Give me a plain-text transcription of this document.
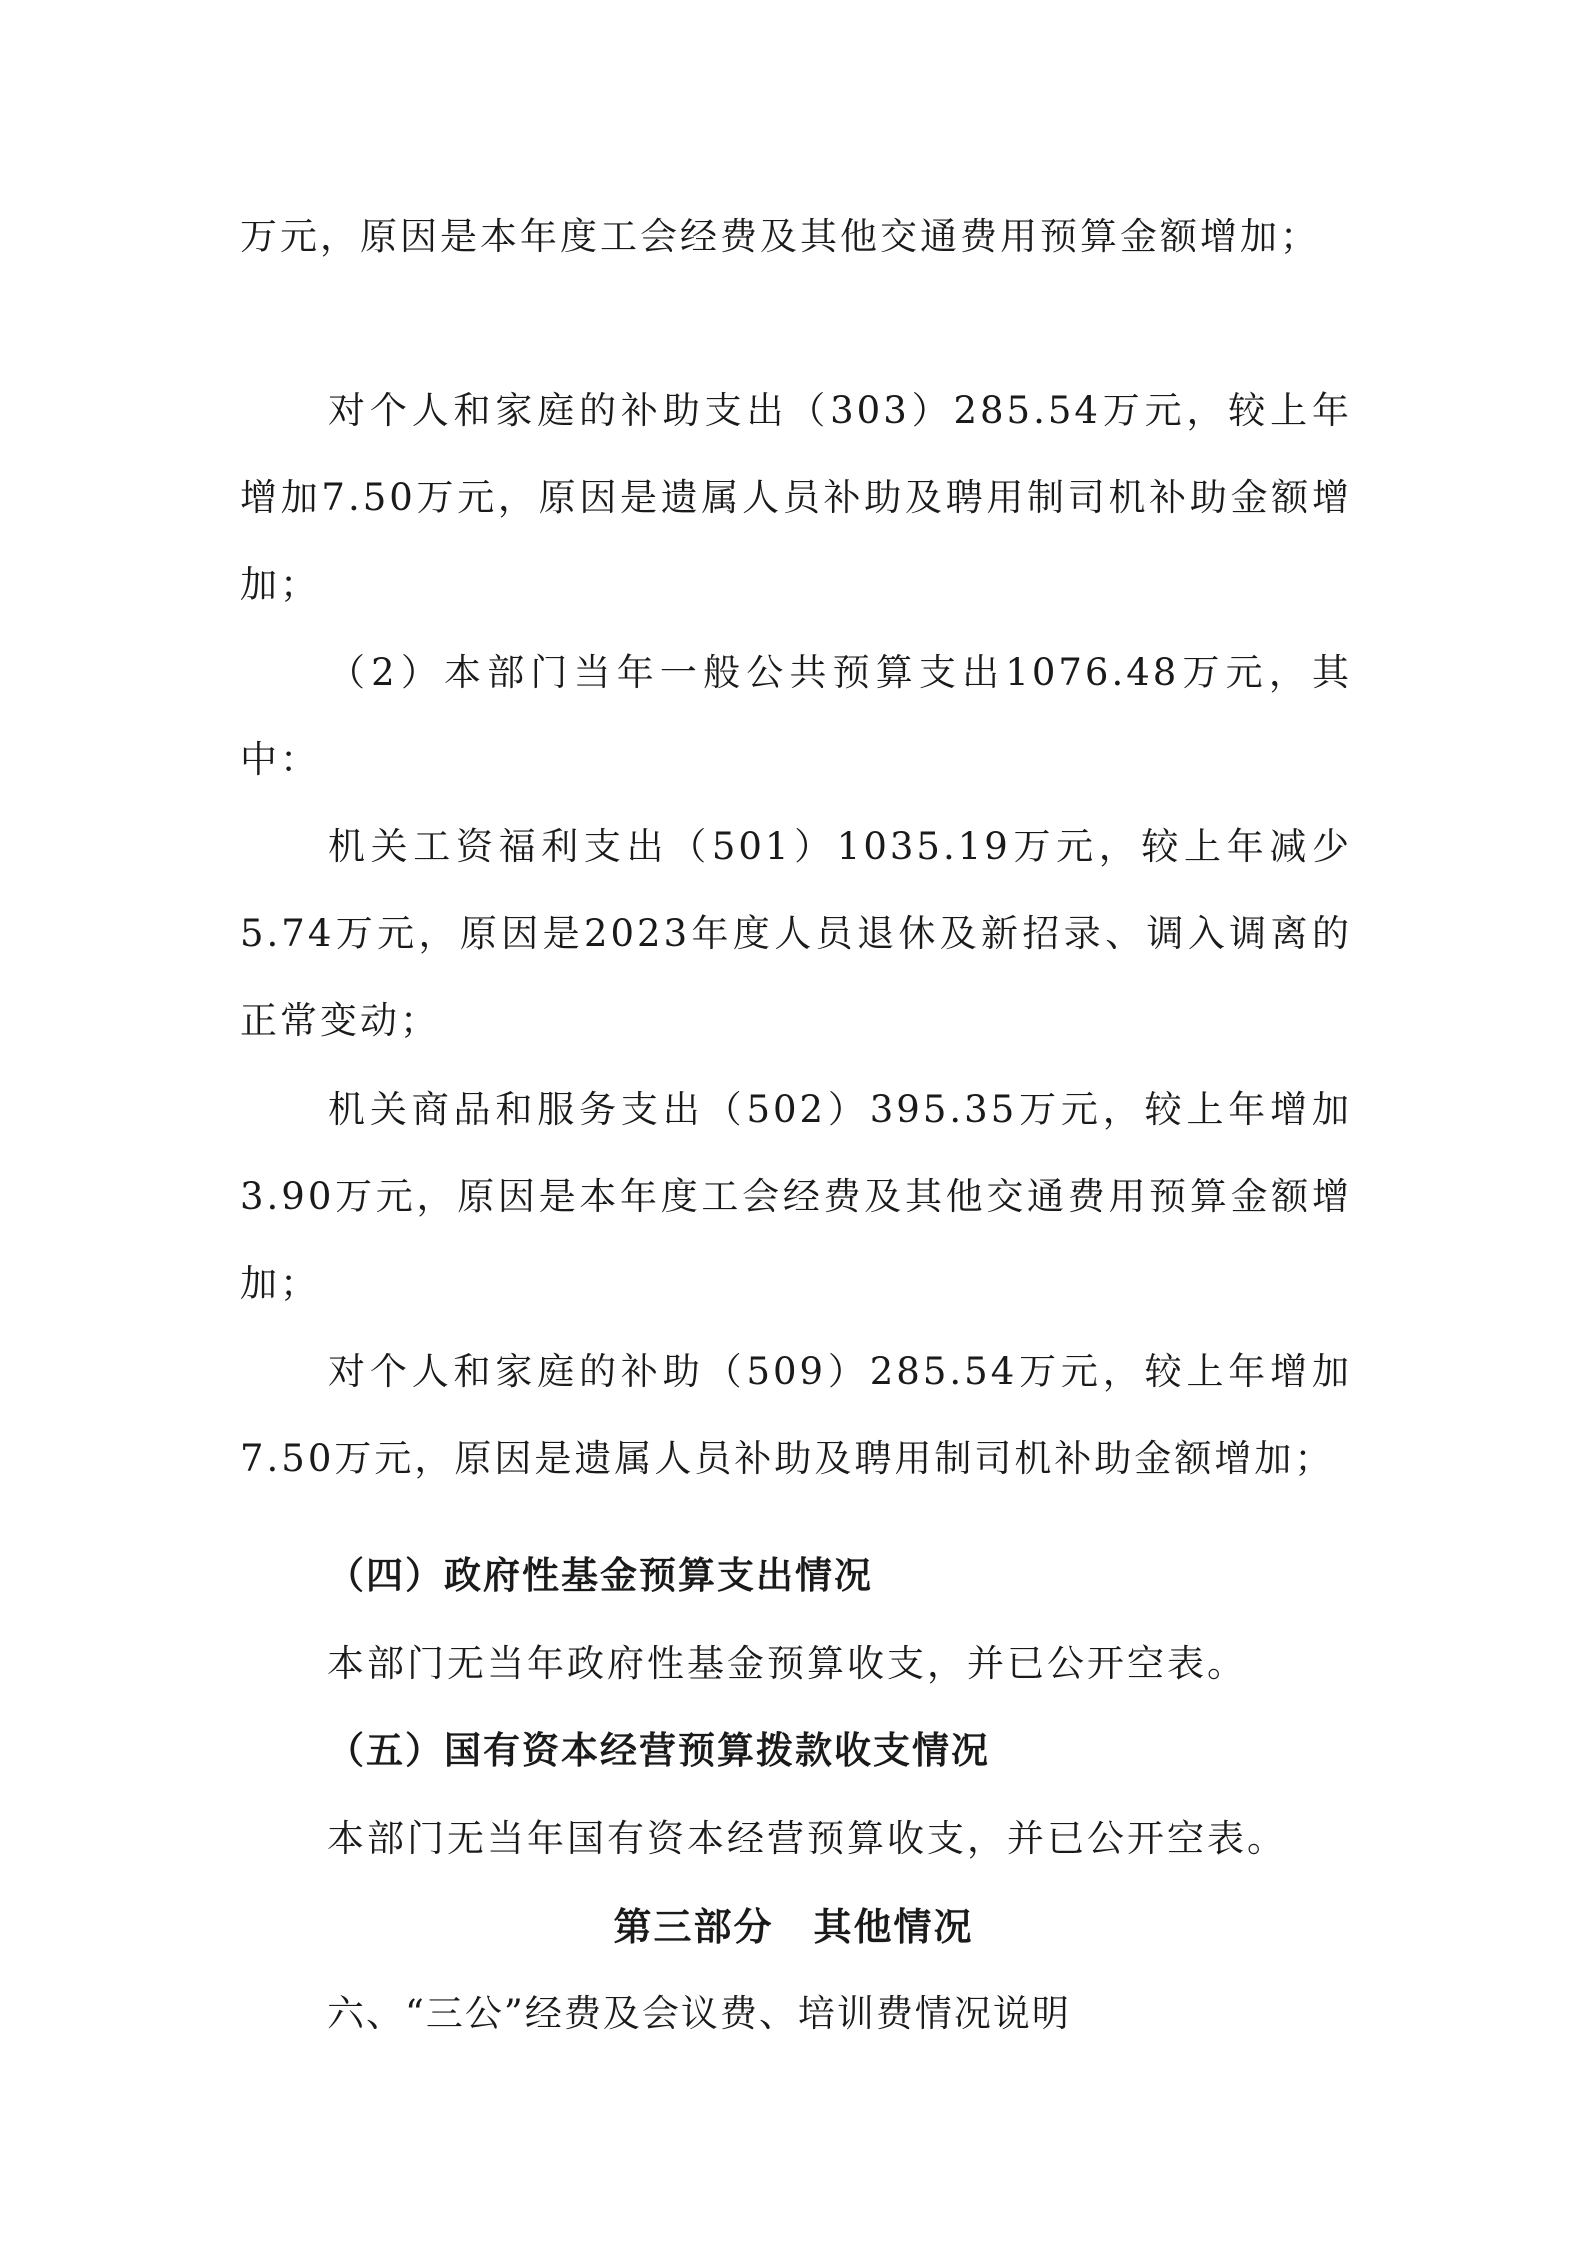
万元，原因是本年度工会经费及其他交通费用预算金额增加；

对个人和家庭的补助支出（303）285.54万元，较上年增加7.50万元，原因是遗属人员补助及聘用制司机补助金额增加；

（2）本部门当年一般公共预算支出1076.48万元，其中：

机关工资福利支出（501）1035.19万元，较上年减少5.74万元，原因是2023年度人员退休及新招录、调入调离的正常变动；

机关商品和服务支出（502）395.35万元，较上年增加3.90万元，原因是本年度工会经费及其他交通费用预算金额增加；

对个人和家庭的补助（509）285.54万元，较上年增加7.50万元，原因是遗属人员补助及聘用制司机补助金额增加；

（四）政府性基金预算支出情况

本部门无当年政府性基金预算收支，并已公开空表。

（五）国有资本经营预算拨款收支情况

本部门无当年国有资本经营预算收支，并已公开空表。

第三部分　其他情况
六、“三公”经费及会议费、培训费情况说明
